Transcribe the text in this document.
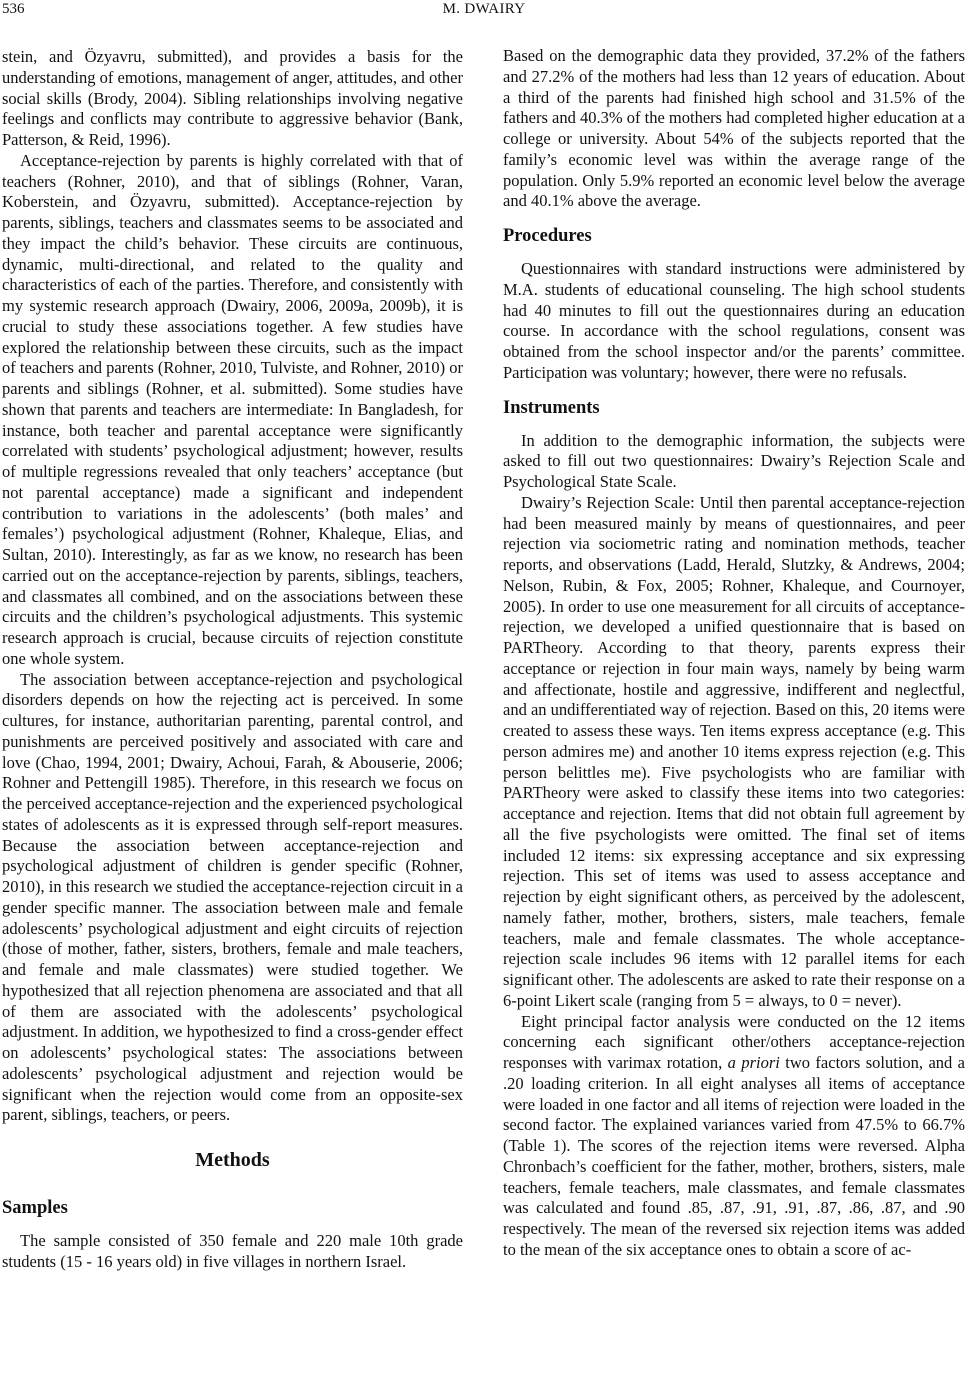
536	M. DWAIRY

stein, and Özyavru, submitted), and provides a basis for the understanding of emotions, management of anger, attitudes, and other social skills (Brody, 2004). Sibling relationships involving negative feelings and conflicts may contribute to aggressive behavior (Bank, Patterson, & Reid, 1996).

Acceptance-rejection by parents is highly correlated with that of teachers (Rohner, 2010), and that of siblings (Rohner, Varan, Koberstein, and Özyavru, submitted). Acceptance-rejection by parents, siblings, teachers and classmates seems to be associated and they impact the child’s behavior. These circuits are continuous, dynamic, multi-directional, and related to the quality and characteristics of each of the parties. Therefore, and consistently with my systemic research approach (Dwairy, 2006, 2009a, 2009b), it is crucial to study these associations together. A few studies have explored the relationship between these circuits, such as the impact of teachers and parents (Rohner, 2010, Tulviste, and Rohner, 2010) or parents and siblings (Rohner, et al. submitted). Some studies have shown that parents and teachers are intermediate: In Bangladesh, for instance, both teacher and parental acceptance were significantly correlated with students’ psychological adjustment; however, results of multiple regressions revealed that only teachers’ acceptance (but not parental acceptance) made a significant and independent contribution to variations in the adolescents’ (both males’ and females’) psychological adjustment (Rohner, Khaleque, Elias, and Sultan, 2010). Interestingly, as far as we know, no research has been carried out on the acceptance-rejection by parents, siblings, teachers, and classmates all combined, and on the associations between these circuits and the children’s psychological adjustments. This systemic research approach is crucial, because circuits of rejection constitute one whole system.

The association between acceptance-rejection and psychological disorders depends on how the rejecting act is perceived. In some cultures, for instance, authoritarian parenting, parental control, and punishments are perceived positively and associated with care and love (Chao, 1994, 2001; Dwairy, Achoui, Farah, & Abouserie, 2006; Rohner and Pettengill 1985). Therefore, in this research we focus on the perceived acceptance-rejection and the experienced psychological states of adolescents as it is expressed through self-report measures. Because the association between acceptance-rejection and psychological adjustment of children is gender specific (Rohner, 2010), in this research we studied the acceptance-rejection circuit in a gender specific manner. The association between male and female adolescents’ psychological adjustment and eight circuits of rejection (those of mother, father, sisters, brothers, female and male teachers, and female and male classmates) were studied together. We hypothesized that all rejection phenomena are associated and that all of them are associated with the adolescents’ psychological adjustment. In addition, we hypothesized to find a cross-gender effect on adolescents’ psychological states: The associations between adolescents’ psychological adjustment and rejection would be significant when the rejection would come from an opposite-sex parent, siblings, teachers, or peers.

Methods
Samples

The sample consisted of 350 female and 220 male 10th grade students (15 - 16 years old) in five villages in northern Israel.

Based on the demographic data they provided, 37.2% of the fathers and 27.2% of the mothers had less than 12 years of education. About a third of the parents had finished high school and 31.5% of the fathers and 40.3% of the mothers had completed higher education at a college or university. About 54% of the subjects reported that the family’s economic level was within the average range of the population. Only 5.9% reported an economic level below the average and 40.1% above the average.

Procedures

Questionnaires with standard instructions were administered by M.A. students of educational counseling. The high school students had 40 minutes to fill out the questionnaires during an education course. In accordance with the school regulations, consent was obtained from the school inspector and/or the parents’ committee. Participation was voluntary; however, there were no refusals.

Instruments

In addition to the demographic information, the subjects were asked to fill out two questionnaires: Dwairy’s Rejection Scale and Psychological State Scale.

Dwairy’s Rejection Scale: Until then parental acceptance-rejection had been measured mainly by means of questionnaires, and peer rejection via sociometric rating and nomination methods, teacher reports, and observations (Ladd, Herald, Slutzky, & Andrews, 2004; Nelson, Rubin, & Fox, 2005; Rohner, Khaleque, and Cournoyer, 2005). In order to use one measurement for all circuits of acceptance-rejection, we developed a unified questionnaire that is based on PARTheory. According to that theory, parents express their acceptance or rejection in four main ways, namely by being warm and affectionate, hostile and aggressive, indifferent and neglectful, and an undifferentiated way of rejection. Based on this, 20 items were created to assess these ways. Ten items express acceptance (e.g. This person admires me) and another 10 items express rejection (e.g. This person belittles me). Five psychologists who are familiar with PARTheory were asked to classify these items into two categories: acceptance and rejection. Items that did not obtain full agreement by all the five psychologists were omitted. The final set of items included 12 items: six expressing acceptance and six expressing rejection. This set of items was used to assess acceptance and rejection by eight significant others, as perceived by the adolescent, namely father, mother, brothers, sisters, male teachers, female teachers, male and female classmates. The whole acceptance-rejection scale includes 96 items with 12 parallel items for each significant other. The adolescents are asked to rate their response on a 6-point Likert scale (ranging from 5 = always, to 0 = never).

Eight principal factor analysis were conducted on the 12 items concerning each significant other/others acceptance-rejection responses with varimax rotation, a priori two factors solution, and a .20 loading criterion. In all eight analyses all items of acceptance were loaded in one factor and all items of rejection were loaded in the second factor. The explained variances varied from 47.5% to 66.7% (Table 1). The scores of the rejection items were reversed. Alpha Chronbach’s coefficient for the father, mother, brothers, sisters, male teachers, female teachers, male classmates, and female classmates was calculated and found .85, .87, .91, .91, .87, .86, .87, and .90 respectively. The mean of the reversed six rejection items was added to the mean of the six acceptance ones to obtain a score of ac-
